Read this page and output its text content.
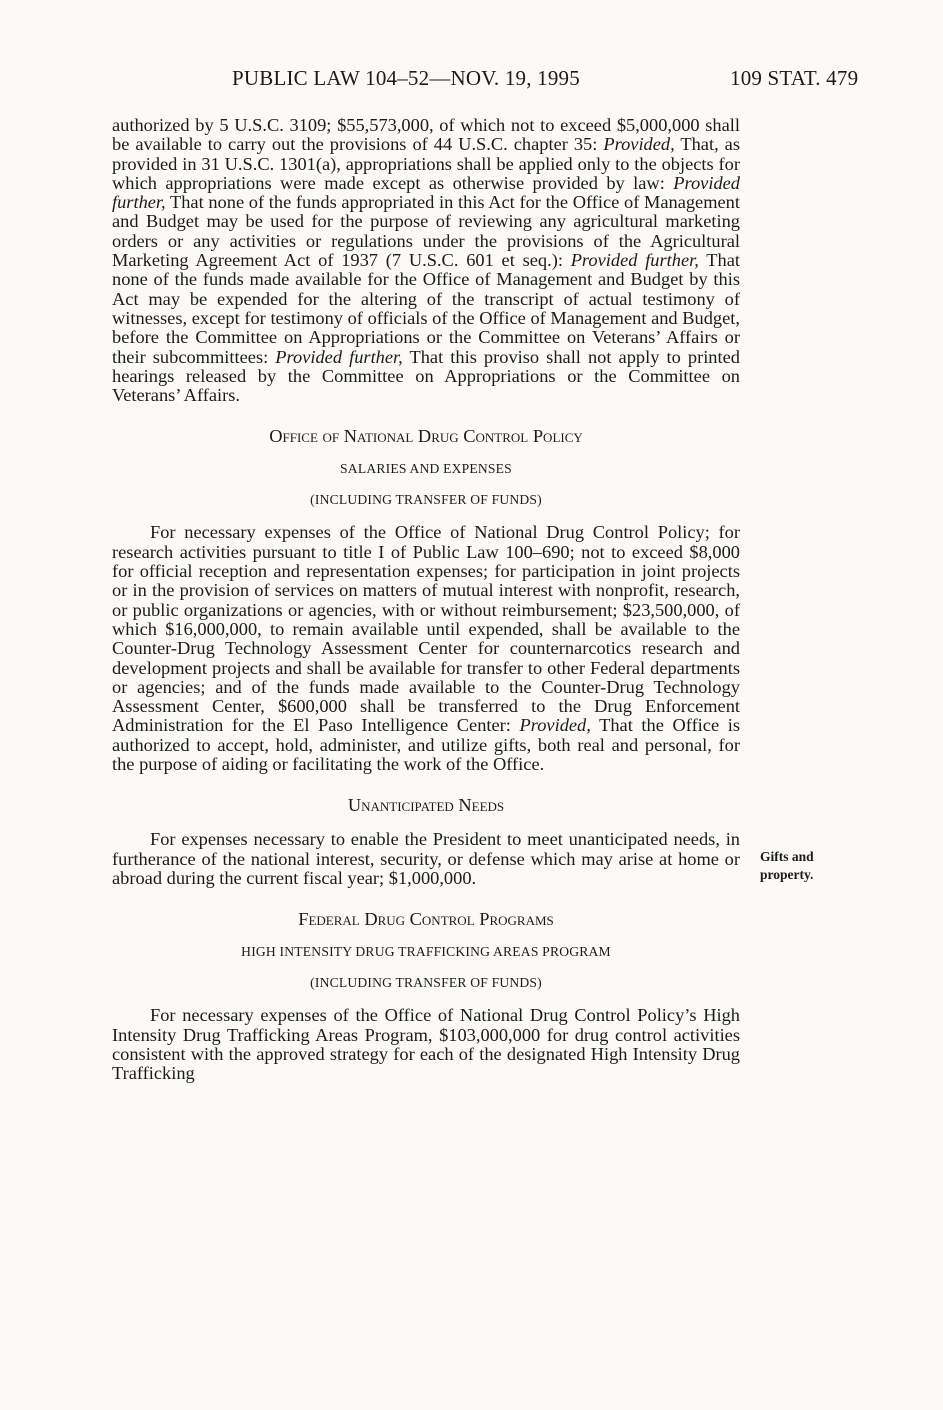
PUBLIC LAW 104–52—NOV. 19, 1995	109 STAT. 479

authorized by 5 U.S.C. 3109; $55,573,000, of which not to exceed $5,000,000 shall be available to carry out the provisions of 44 U.S.C. chapter 35: Provided, That, as provided in 31 U.S.C. 1301(a), appropriations shall be applied only to the objects for which appropriations were made except as otherwise provided by law: Provided further, That none of the funds appropriated in this Act for the Office of Management and Budget may be used for the purpose of reviewing any agricultural marketing orders or any activities or regulations under the provisions of the Agricultural Marketing Agreement Act of 1937 (7 U.S.C. 601 et seq.): Provided further, That none of the funds made available for the Office of Management and Budget by this Act may be expended for the altering of the transcript of actual testimony of witnesses, except for testimony of officials of the Office of Management and Budget, before the Committee on Appropriations or the Committee on Veterans’ Affairs or their subcommittees: Provided further, That this proviso shall not apply to printed hearings released by the Committee on Appropriations or the Committee on Veterans’ Affairs.

Office of National Drug Control Policy
SALARIES AND EXPENSES
(INCLUDING TRANSFER OF FUNDS)

For necessary expenses of the Office of National Drug Control Policy; for research activities pursuant to title I of Public Law 100–690; not to exceed $8,000 for official reception and representation expenses; for participation in joint projects or in the provision of services on matters of mutual interest with nonprofit, research, or public organizations or agencies, with or without reimbursement; $23,500,000, of which $16,000,000, to remain available until expended, shall be available to the Counter-Drug Technology Assessment Center for counternarcotics research and development projects and shall be available for transfer to other Federal departments or agencies; and of the funds made available to the Counter-Drug Technology Assessment Center, $600,000 shall be transferred to the Drug Enforcement Administration for the El Paso Intelligence Center: Provided, That the Office is authorized to accept, hold, administer, and utilize gifts, both real and personal, for the purpose of aiding or facilitating the work of the Office.

Unanticipated Needs

For expenses necessary to enable the President to meet unanticipated needs, in furtherance of the national interest, security, or defense which may arise at home or abroad during the current fiscal year; $1,000,000.

Federal Drug Control Programs
HIGH INTENSITY DRUG TRAFFICKING AREAS PROGRAM
(INCLUDING TRANSFER OF FUNDS)

For necessary expenses of the Office of National Drug Control Policy’s High Intensity Drug Trafficking Areas Program, $103,000,000 for drug control activities consistent with the approved strategy for each of the designated High Intensity Drug Trafficking

Gifts and property.
